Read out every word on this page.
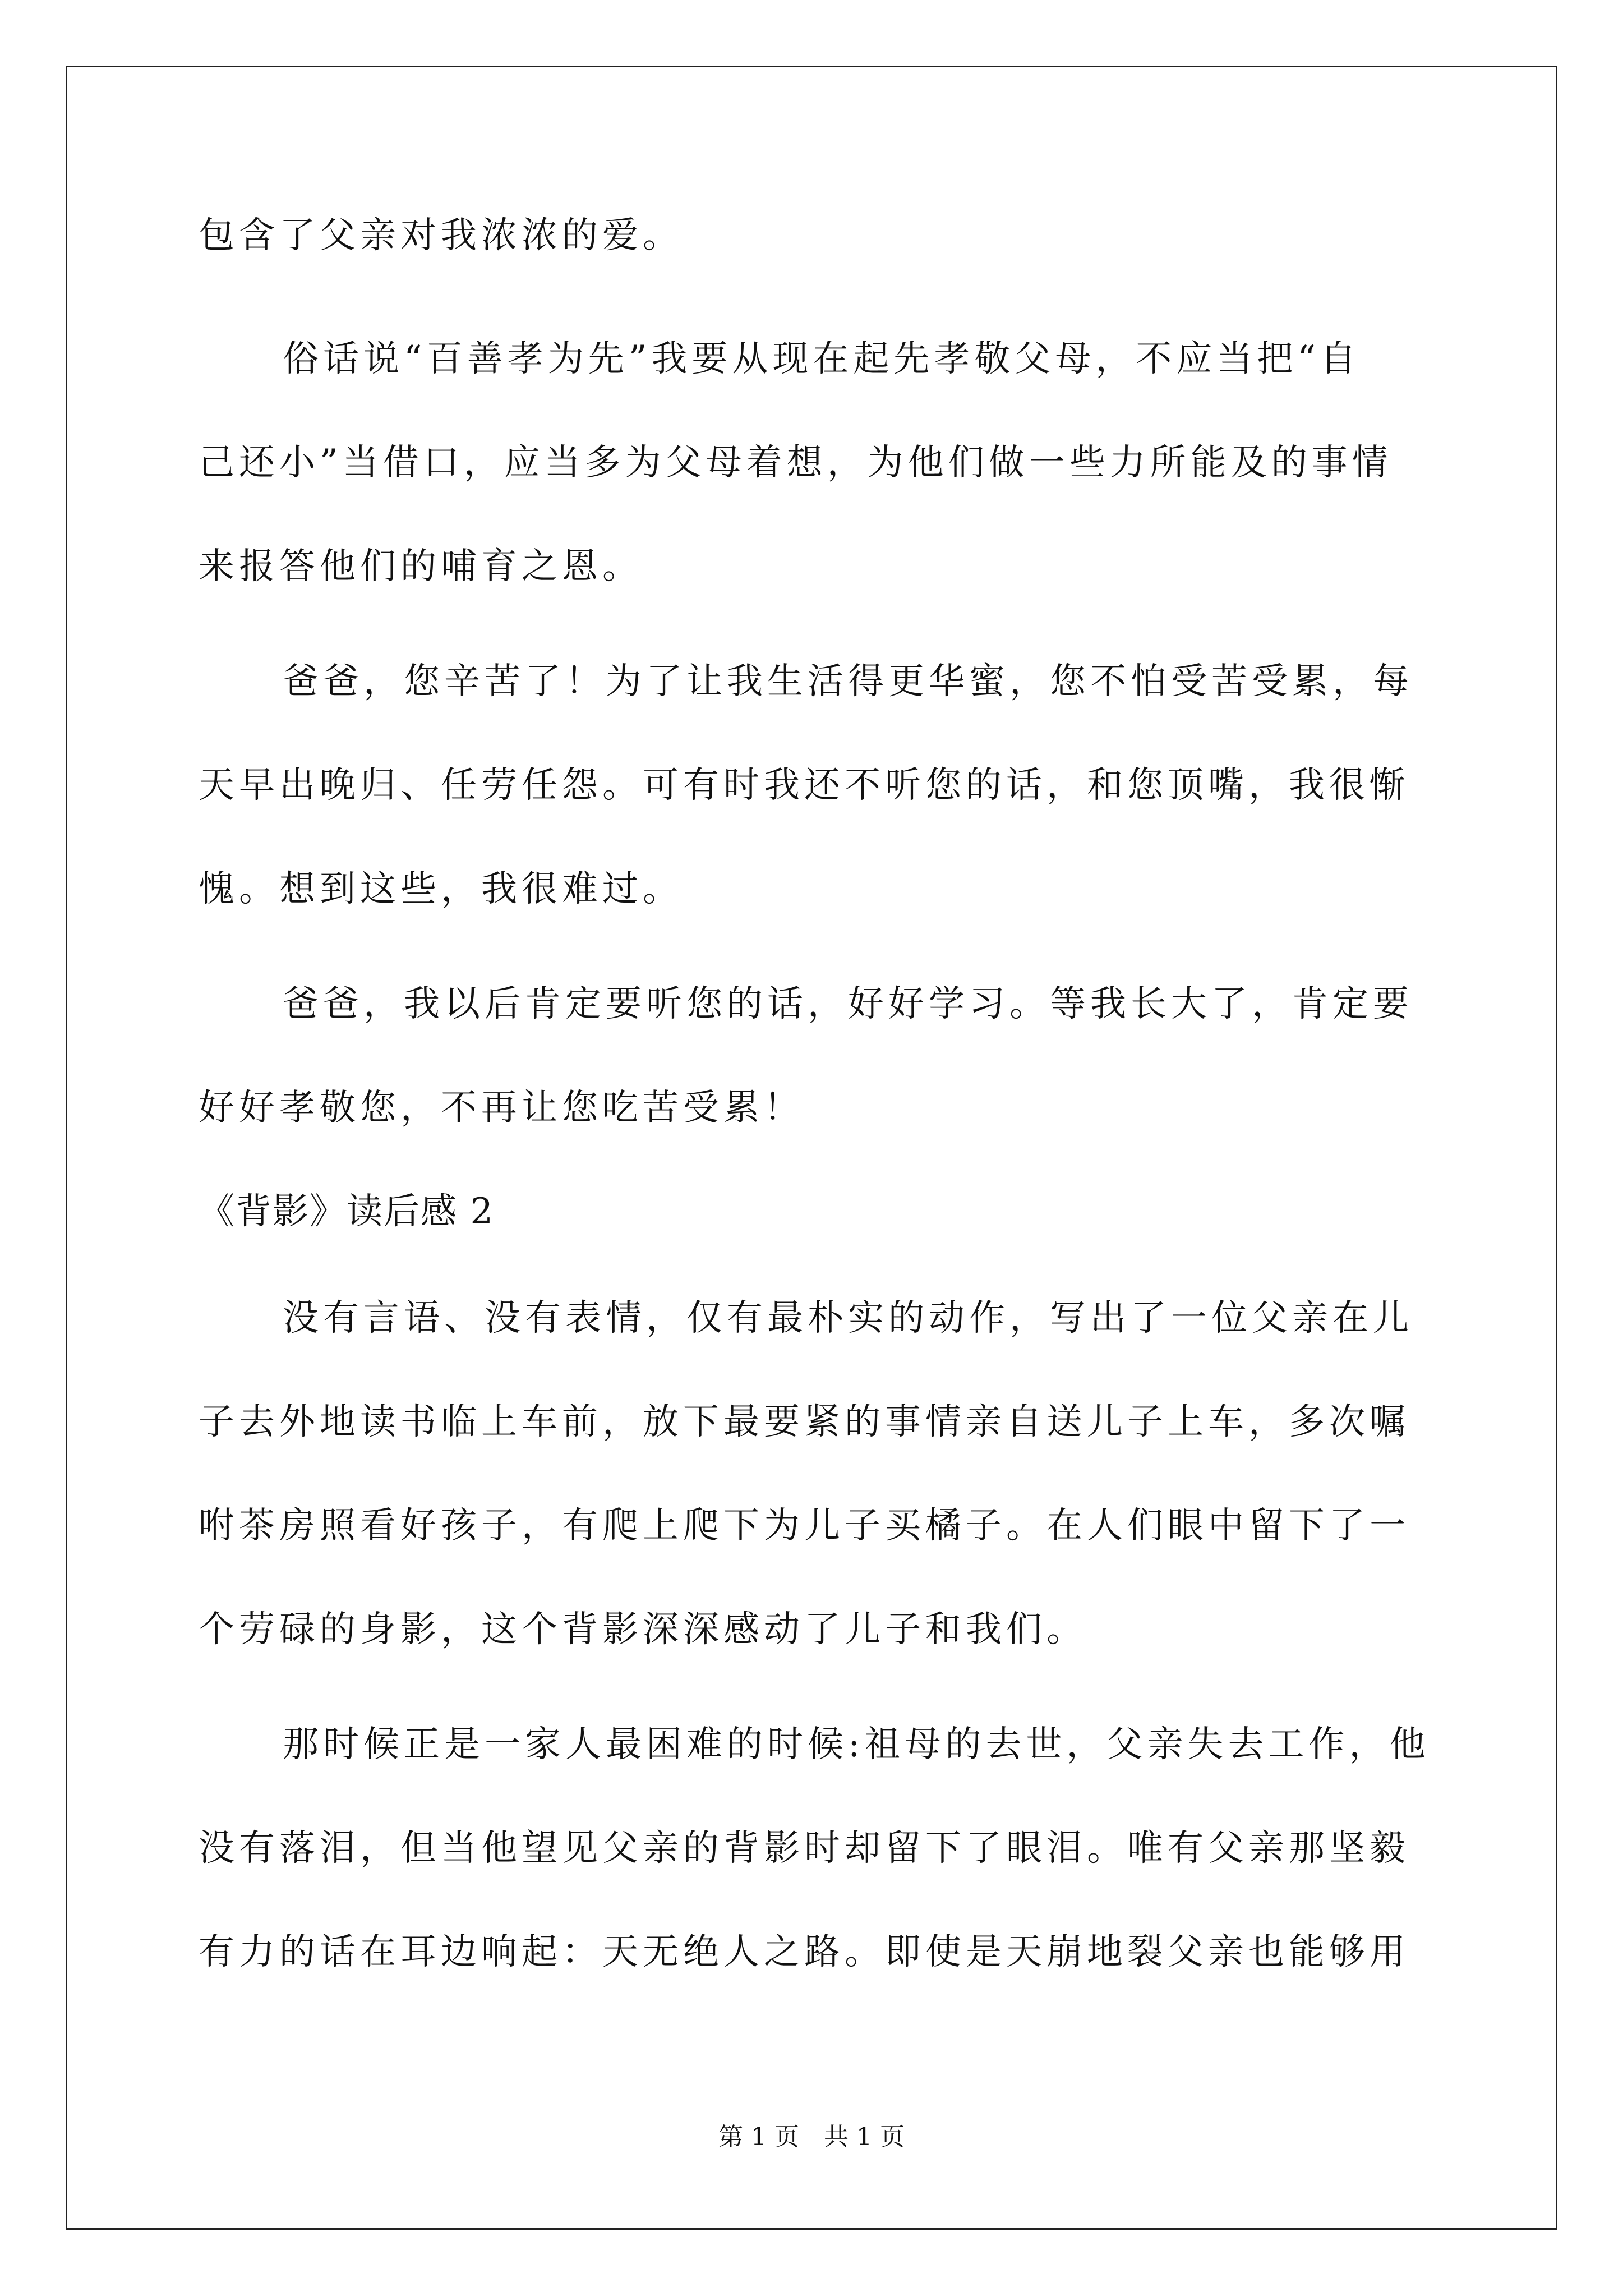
包含了父亲对我浓浓的爱。
俗话说“百善孝为先”我要从现在起先孝敬父母，不应当把“自
己还小”当借口，应当多为父母着想，为他们做一些力所能及的事情
来报答他们的哺育之恩。
爸爸，您辛苦了！为了让我生活得更华蜜，您不怕受苦受累，每
天早出晚归、任劳任怨。可有时我还不听您的话，和您顶嘴，我很惭
愧。想到这些，我很难过。
爸爸，我以后肯定要听您的话，好好学习。等我长大了，肯定要
好好孝敬您，不再让您吃苦受累！
《背影》读后感 2
没有言语、没有表情，仅有最朴实的动作，写出了一位父亲在儿
子去外地读书临上车前，放下最要紧的事情亲自送儿子上车，多次嘱
咐茶房照看好孩子，有爬上爬下为儿子买橘子。在人们眼中留下了一
个劳碌的身影，这个背影深深感动了儿子和我们。
那时候正是一家人最困难的时候:祖母的去世，父亲失去工作，他
没有落泪，但当他望见父亲的背影时却留下了眼泪。唯有父亲那坚毅
有力的话在耳边响起：天无绝人之路。即使是天崩地裂父亲也能够用
第 1 页　共 1 页
